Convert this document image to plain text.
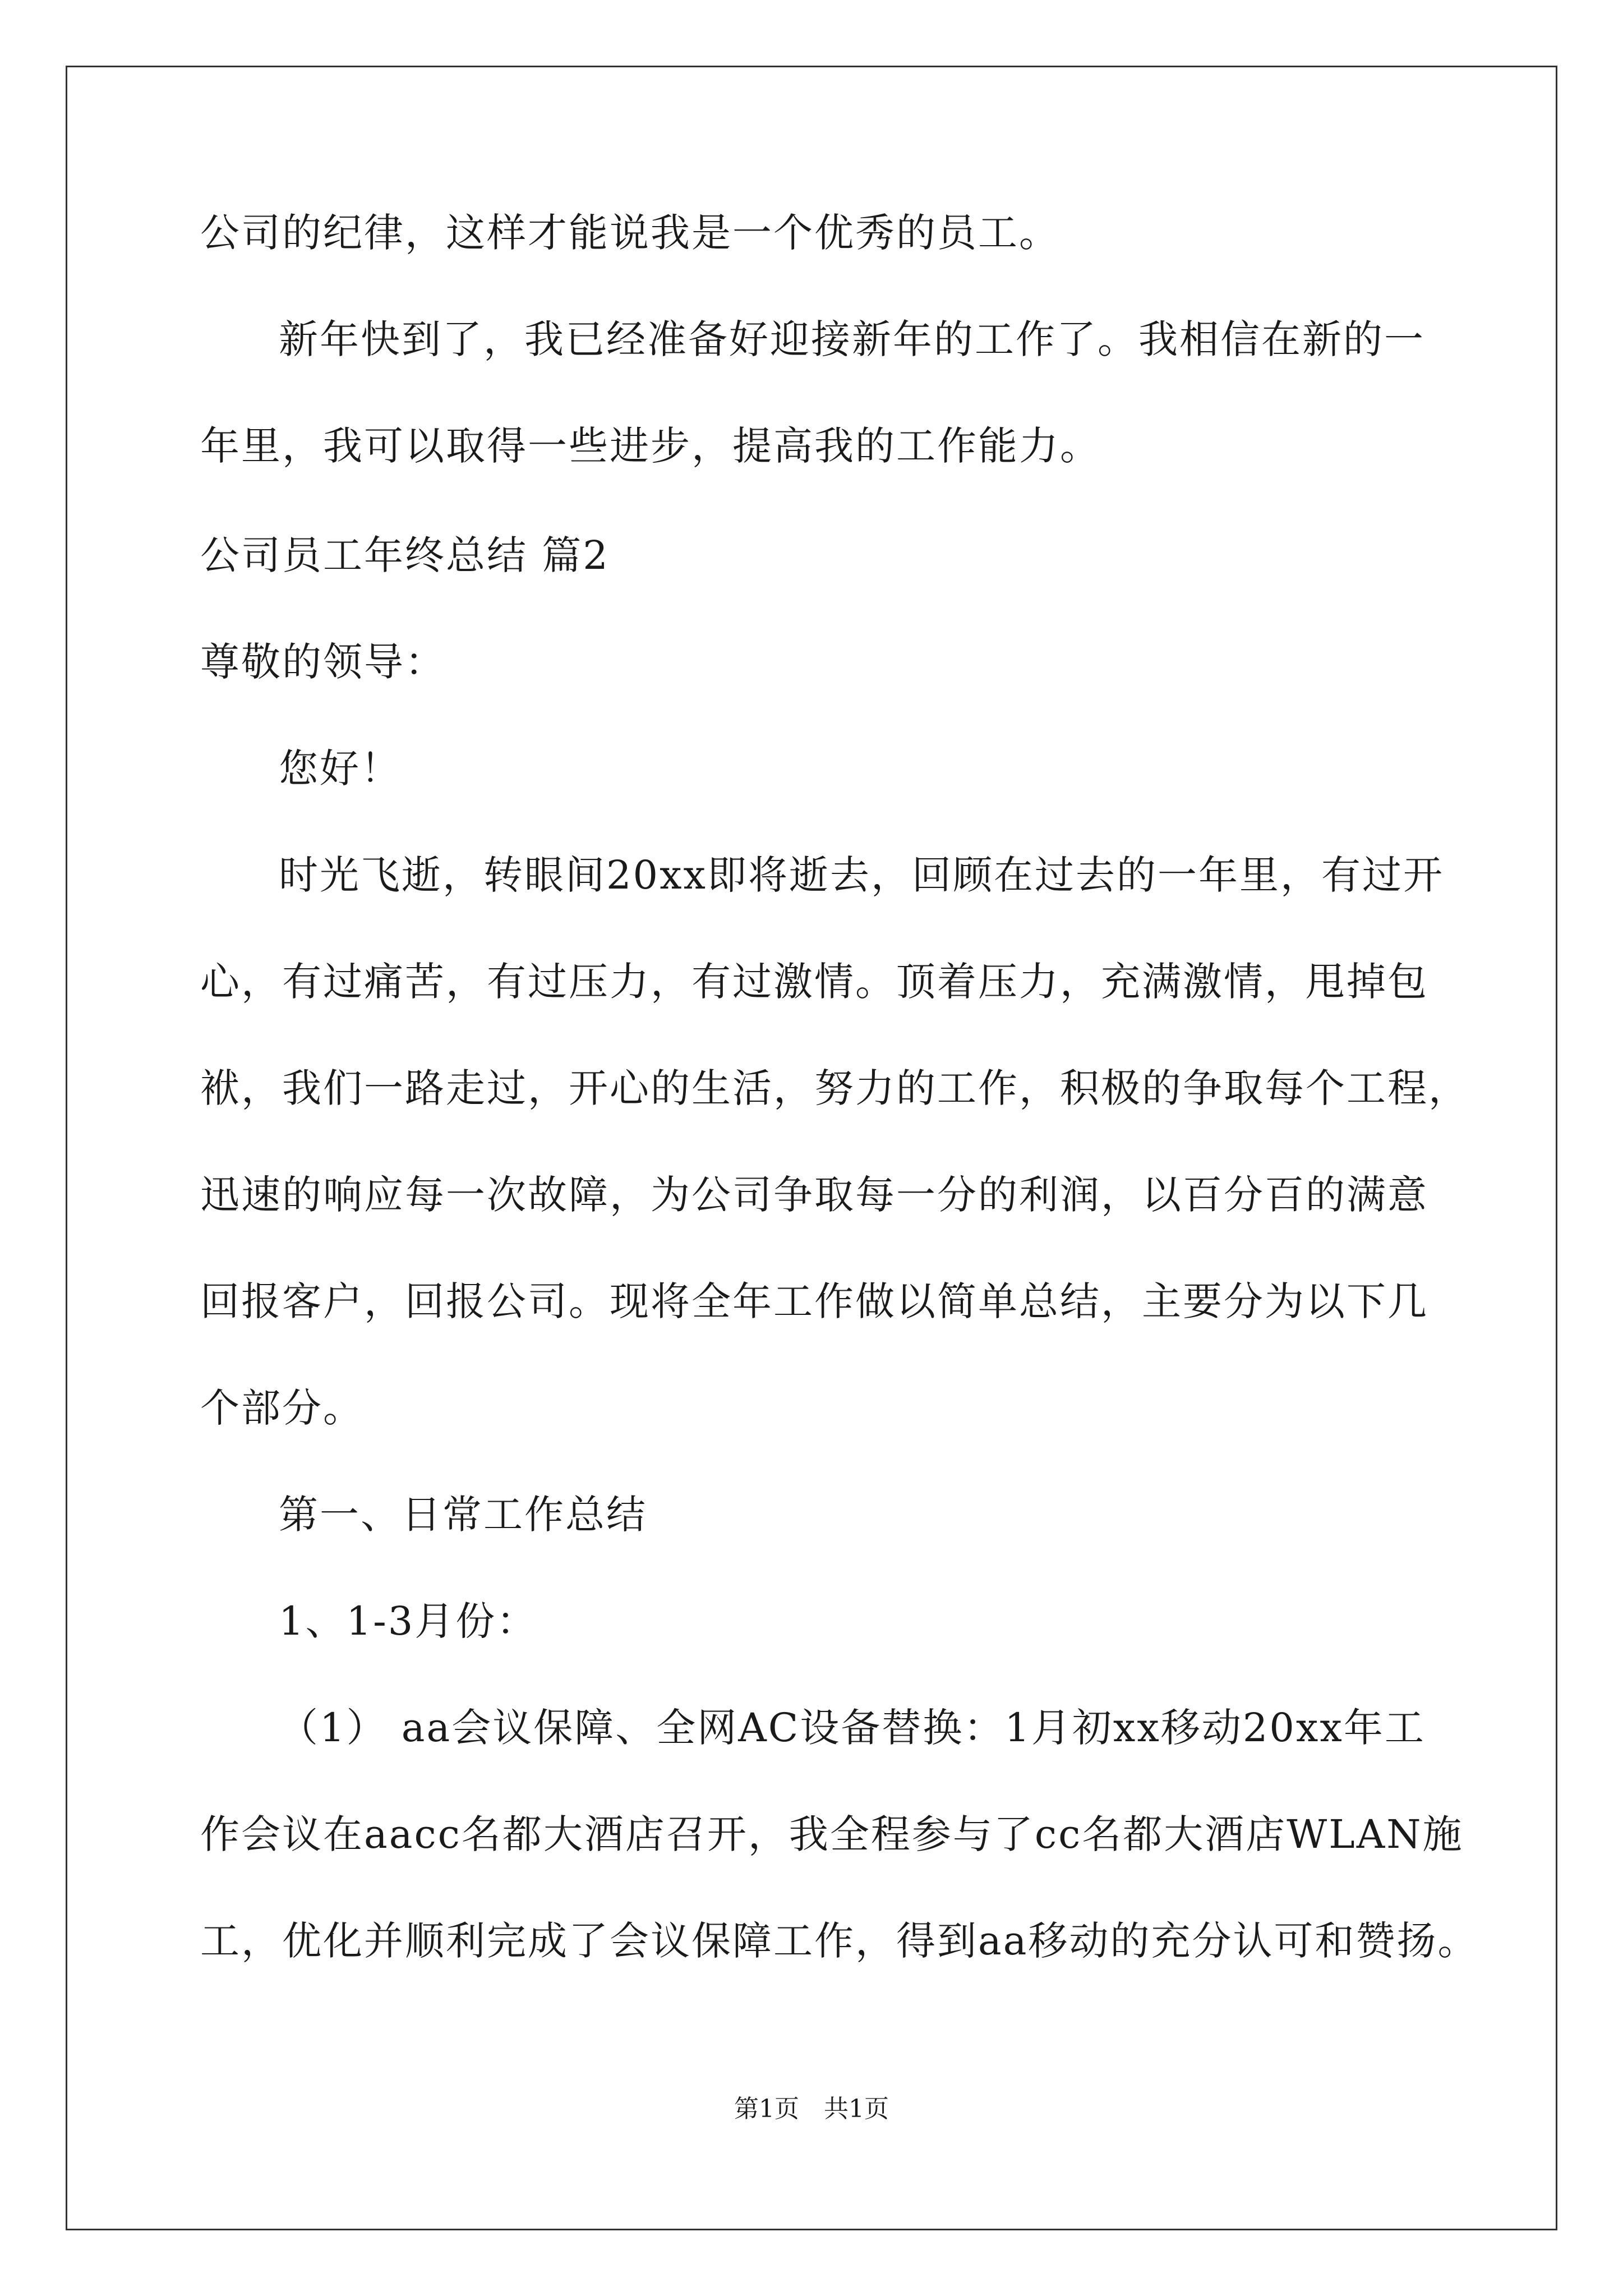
公司的纪律，这样才能说我是一个优秀的员工。
新年快到了，我已经准备好迎接新年的工作了。我相信在新的一
年里，我可以取得一些进步，提高我的工作能力。
公司员工年终总结 篇2
尊敬的领导：
您好！
时光飞逝，转眼间20xx即将逝去，回顾在过去的一年里，有过开
心，有过痛苦，有过压力，有过激情。顶着压力，充满激情，甩掉包
袱，我们一路走过，开心的生活，努力的工作，积极的争取每个工程，
迅速的响应每一次故障，为公司争取每一分的利润，以百分百的满意
回报客户，回报公司。现将全年工作做以简单总结，主要分为以下几
个部分。
第一、日常工作总结
1、1-3月份：
（1） aa会议保障、全网AC设备替换：1月初xx移动20xx年工
作会议在aacc名都大酒店召开，我全程参与了cc名都大酒店WLAN施
工，优化并顺利完成了会议保障工作，得到aa移动的充分认可和赞扬。
第1页　共1页
